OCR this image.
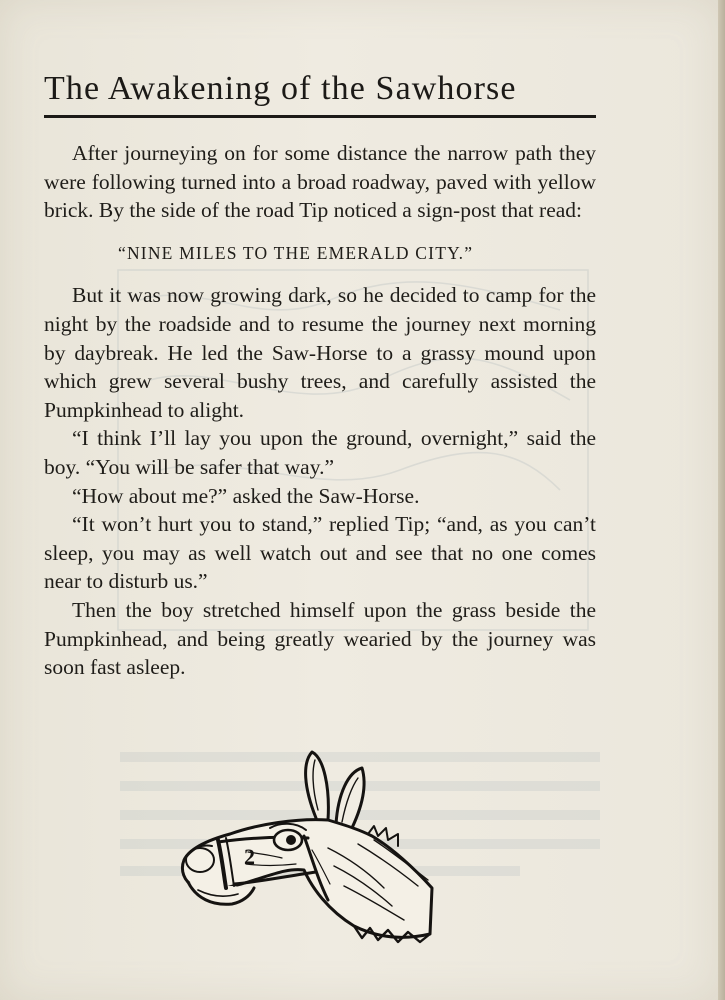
The Awakening of the Sawhorse

After journeying on for some distance the narrow path they were following turned into a broad roadway, paved with yellow brick. By the side of the road Tip noticed a sign-post that read:

“NINE MILES TO THE EMERALD CITY.”

But it was now growing dark, so he decided to camp for the night by the roadside and to resume the journey next morning by daybreak. He led the Saw-Horse to a grassy mound upon which grew several bushy trees, and carefully assisted the Pumpkinhead to alight.

“I think I’ll lay you upon the ground, overnight,” said the boy. “You will be safer that way.”

“How about me?” asked the Saw-Horse.

“It won’t hurt you to stand,” replied Tip; “and, as you can’t sleep, you may as well watch out and see that no one comes near to disturb us.”

Then the boy stretched himself upon the grass beside the Pumpkinhead, and being greatly wearied by the journey was soon fast asleep.

2
